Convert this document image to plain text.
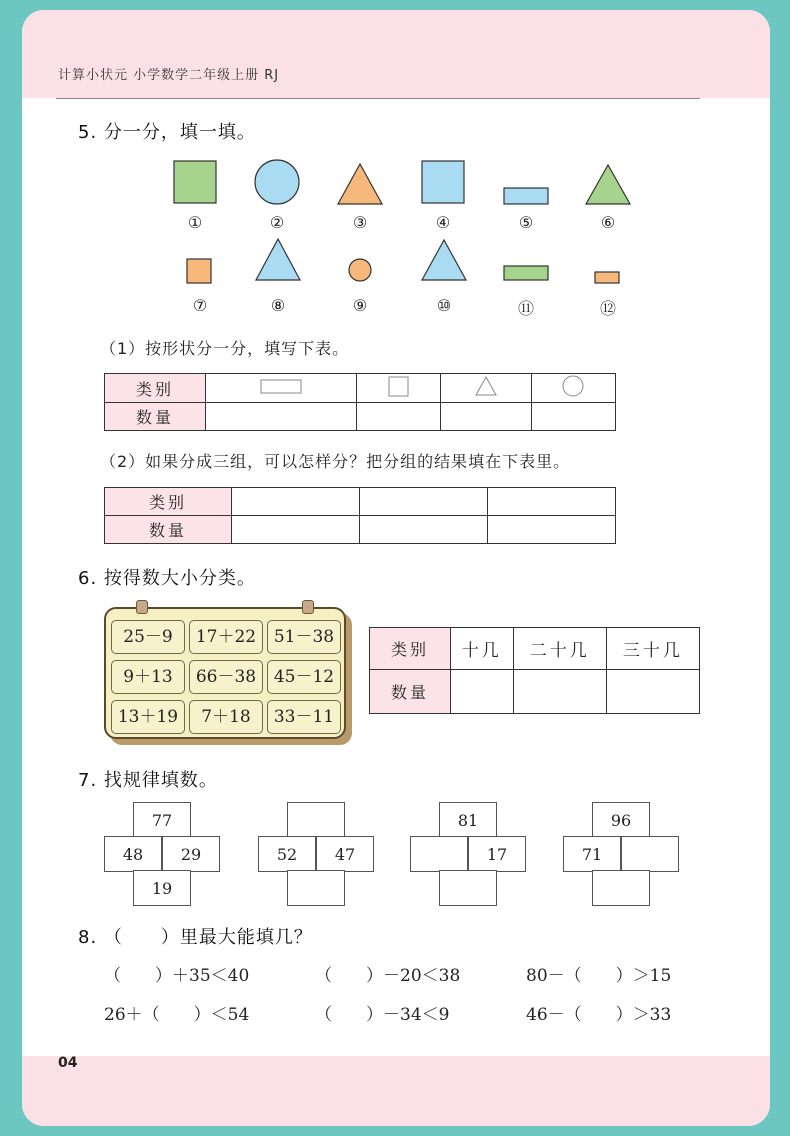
计算小状元 小学数学二年级上册 RJ
04
5. 分一分，填一填。
①	②	③	④	⑤	⑥
⑦	⑧	⑨	⑩	⑪	⑫
（1）按形状分一分，填写下表。
类别				
数量				
（2）如果分成三组，可以怎样分？把分组的结果填在下表里。
类别			
数量			
6. 按得数大小分类。
25－9	17＋22	51－38
9＋13	66－38	45－12
13＋19	7＋18	33－11
类别	十几	二十几	三十几
数量			
7. 找规律填数。
77
48	29
19
52	47
81
17
96
71
8. （　　）里最大能填几？
（　　）＋35＜40	（　　）－20＜38	80－（　　）＞15
26＋（　　）＜54	（　　）－34＜9	46－（　　）＞33
